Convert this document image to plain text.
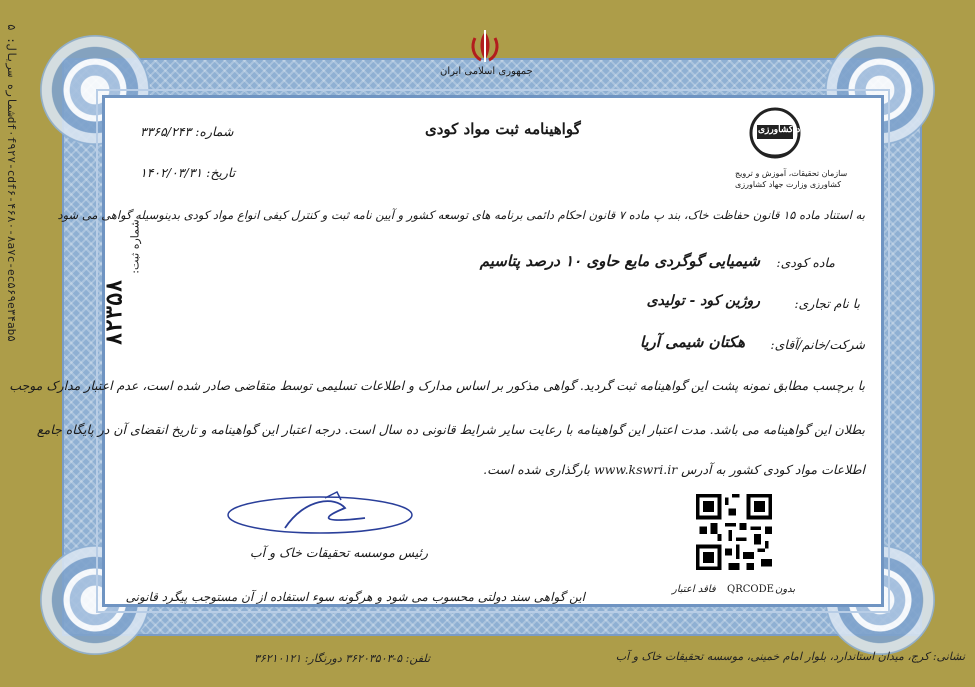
شماره سریال: ۵df۰f۹۲۷-cdf۶-۴۶۸۰-۸a۷c-ec۵۶۹e۳۴ab۵
جمهوری اسلامی ایران
گواهینامه ثبت مواد کودی
شماره: ۳۳۶۵/۲۴۳
تاریخ: ۱۴۰۲/۰۳/۳۱
جهاد کشاورزی
سازمان تحقیقات، آموزش و ترویج
کشاورزی وزارت جهاد کشاورزی
به استناد ماده ۱۵ قانون حفاظت خاک، بند پ ماده ۷ قانون احکام دائمی برنامه های توسعه کشور و آیین نامه ثبت و کنترل کیفی انواع مواد کودی بدینوسیله گواهی می شود
ماده کودی:
شیمیایی گوگردی مایع حاوی ۱۰ درصد پتاسیم
با نام تجاری:
روژین کود - تولیدی
شرکت/خانم/آقای:
هکتان شیمی آریا
شماره ثبت:
۸۲۳۵۸
با برچسب مطابق نمونه پشت این گواهینامه ثبت گردید. گواهی مذکور بر اساس مدارک و اطلاعات تسلیمی توسط متقاضی صادر شده است، عدم اعتبار مدارک موجب
بطلان این گواهینامه می باشد. مدت اعتبار این گواهینامه با رعایت سایر شرایط قانونی ده سال است. درجه اعتبار این گواهینامه و تاریخ انقضای آن در پایگاه جامع
اطلاعات مواد کودی کشور به آدرس www.kswri.ir بارگذاری شده است.
رئیس موسسه تحقیقات خاک و آب
بدون
QRCODE
فاقد اعتبار
این گواهی سند دولتی محسوب می شود و هرگونه سوء استفاده از آن مستوجب پیگرد قانونی
نشانی: کرج، میدان استاندارد، بلوار امام خمینی، موسسه تحقیقات خاک و آب
تلفن: ۵-۳۶۲۰۳۵۰۳ دورنگار: ۳۶۲۱۰۱۲۱
